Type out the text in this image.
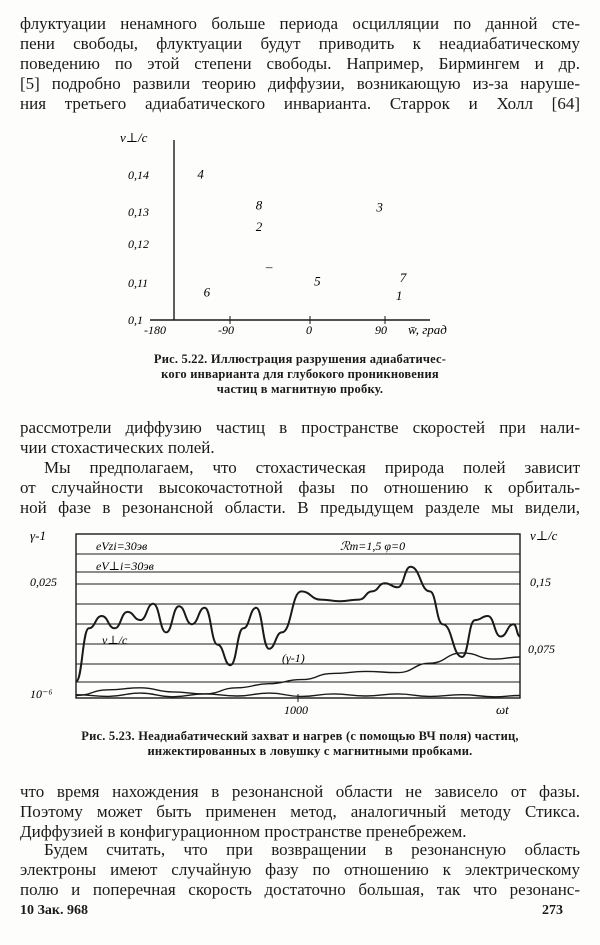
флуктуации ненамного больше периода осцилляции по данной сте-
пени свободы, флуктуации будут приводить к неадиабатическому
поведению по этой степени свободы. Например, Бирмингем и др.
[5] подробно развили теорию диффузии, возникающую из-за наруше-
ния третьего адиабатического инварианта. Старрок и Холл [64]
v⊥/c
0,14
0,13
0,12
0,11
0,1
-180	-90	0	90 w̄, град
4
8
2
3
5
6
7
1
–
Рис. 5.22. Иллюстрация разрушения адиабатичес-
кого инварианта для глубокого проникновения
частиц в магнитную пробку.
рассмотрели диффузию частиц в пространстве скоростей при нали-
чии стохастических полей.
Мы предполагаем, что стохастическая природа полей зависит
от случайности высокочастотной фазы по отношению к орбиталь-
ной фазе в резонансной области. В предыдущем разделе мы видели,
γ-1
0,025
10⁻⁶
v⊥/c
0,15
0,075
1000	ωt
eVzi=30эв
eV⊥i=30эв
ℛm=1,5 φ=0
v⊥/c
(γ-1)
Рис. 5.23. Неадиабатический захват и нагрев (с помощью ВЧ поля) частиц,
инжектированных в ловушку с магнитными пробками.
что время нахождения в резонансной области не зависело от фазы.
Поэтому может быть применен метод, аналогичный методу Стикса.
Диффузией в конфигурационном пространстве пренебрежем.
Будем считать, что при возвращении в резонансную область
электроны имеют случайную фазу по отношению к электрическому
полю и поперечная скорость достаточно большая, так что резонанс-
10 Зак. 968	273
